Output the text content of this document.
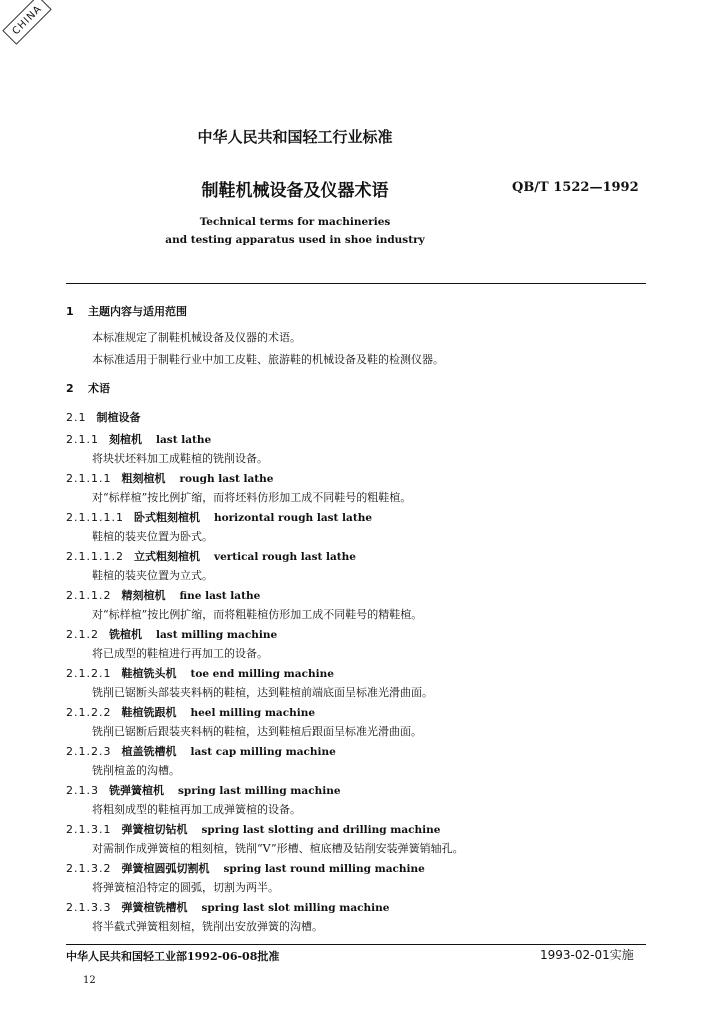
CHINA
中华人民共和国轻工行业标准
制鞋机械设备及仪器术语	QB/T 1522—1992
Technical terms for machineries
and testing apparatus used in shoe industry
1 主题内容与适用范围
本标准规定了制鞋机械设备及仪器的术语。
本标准适用于制鞋行业中加工皮鞋、旅游鞋的机械设备及鞋的检测仪器。
2 术语
2.1 制楦设备
2.1.1 刻楦机 last lathe
将块状坯料加工成鞋楦的铣削设备。
2.1.1.1 粗刻楦机 rough last lathe
对“标样楦”按比例扩缩，而将坯料仿形加工成不同鞋号的粗鞋楦。
2.1.1.1.1 卧式粗刻楦机 horizontal rough last lathe
鞋楦的装夹位置为卧式。
2.1.1.1.2 立式粗刻楦机 vertical rough last lathe
鞋楦的装夹位置为立式。
2.1.1.2 精刻楦机 fine last lathe
对“标样楦”按比例扩缩，而将粗鞋楦仿形加工成不同鞋号的精鞋楦。
2.1.2 铣楦机 last milling machine
将已成型的鞋楦进行再加工的设备。
2.1.2.1 鞋楦铣头机 toe end milling machine
铣削已锯断头部装夹料柄的鞋楦，达到鞋楦前端底面呈标准光滑曲面。
2.1.2.2 鞋楦铣跟机 heel milling machine
铣削已锯断后跟装夹料柄的鞋楦，达到鞋楦后跟面呈标准光滑曲面。
2.1.2.3 楦盖铣槽机 last cap milling machine
铣削楦盖的沟槽。
2.1.3 铣弹簧楦机 spring last milling machine
将粗刻成型的鞋楦再加工成弹簧楦的设备。
2.1.3.1 弹簧楦切钻机 spring last slotting and drilling machine
对需制作成弹簧楦的粗刻楦，铣削“V”形槽、楦底槽及钻削安装弹簧销轴孔。
2.1.3.2 弹簧楦圆弧切割机 spring last round milling machine
将弹簧楦沿特定的圆弧，切割为两半。
2.1.3.3 弹簧楦铣槽机 spring last slot milling machine
将半截式弹簧粗刻楦，铣削出安放弹簧的沟槽。
中华人民共和国轻工业部1992-06-08批准	1993-02-01实施
12
